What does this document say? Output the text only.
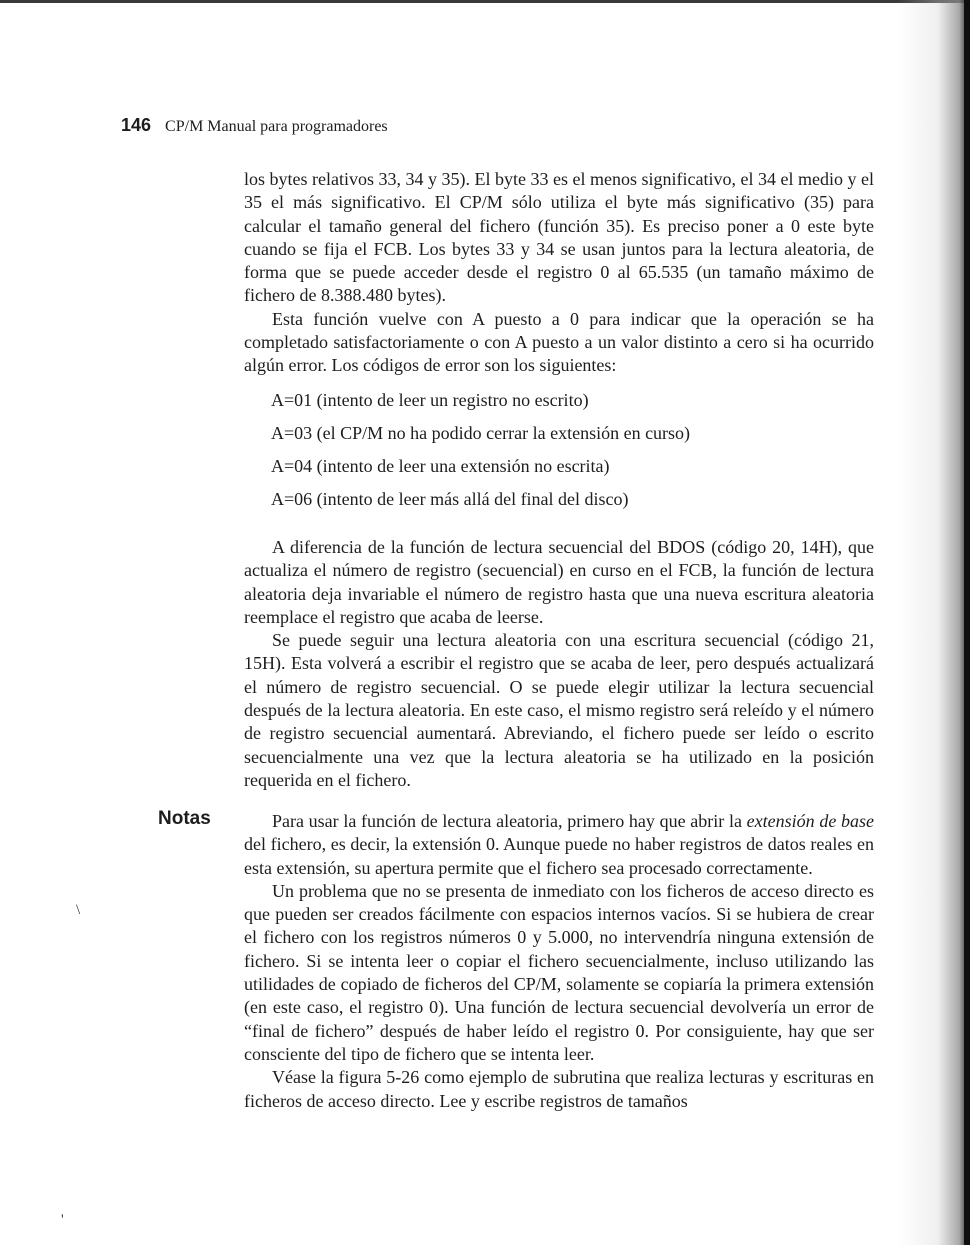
146 CP/M Manual para programadores

los bytes relativos 33, 34 y 35). El byte 33 es el menos significativo, el 34 el medio y el 35 el más significativo. El CP/M sólo utiliza el byte más significativo (35) para calcular el tamaño general del fichero (función 35). Es preciso poner a 0 este byte cuando se fija el FCB. Los bytes 33 y 34 se usan juntos para la lectura aleatoria, de forma que se puede acceder desde el registro 0 al 65.535 (un tamaño máximo de fichero de 8.388.480 bytes).

Esta función vuelve con A puesto a 0 para indicar que la operación se ha completado satisfactoriamente o con A puesto a un valor distinto a cero si ha ocurrido algún error. Los códigos de error son los siguientes:

A=01 (intento de leer un registro no escrito)
A=03 (el CP/M no ha podido cerrar la extensión en curso)
A=04 (intento de leer una extensión no escrita)
A=06 (intento de leer más allá del final del disco)

A diferencia de la función de lectura secuencial del BDOS (código 20, 14H), que actualiza el número de registro (secuencial) en curso en el FCB, la función de lectura aleatoria deja invariable el número de registro hasta que una nueva escritura aleatoria reemplace el registro que acaba de leerse.

Se puede seguir una lectura aleatoria con una escritura secuencial (código 21, 15H). Esta volverá a escribir el registro que se acaba de leer, pero después actualizará el número de registro secuencial. O se puede elegir utilizar la lectura secuencial después de la lectura aleatoria. En este caso, el mismo registro será releído y el número de registro secuencial aumentará. Abreviando, el fichero puede ser leído o escrito secuencialmente una vez que la lectura aleatoria se ha utilizado en la posición requerida en el fichero.

Notas	Para usar la función de lectura aleatoria, primero hay que abrir la extensión de base del fichero, es decir, la extensión 0. Aunque puede no haber registros de datos reales en esta extensión, su apertura permite que el fichero sea procesado correctamente.

Un problema que no se presenta de inmediato con los ficheros de acceso directo es que pueden ser creados fácilmente con espacios internos vacíos. Si se hubiera de crear el fichero con los registros números 0 y 5.000, no intervendría ninguna extensión de fichero. Si se intenta leer o copiar el fichero secuencialmente, incluso utilizando las utilidades de copiado de ficheros del CP/M, solamente se copiaría la primera extensión (en este caso, el registro 0). Una función de lectura secuencial devolvería un error de “final de fichero” después de haber leído el registro 0. Por consiguiente, hay que ser consciente del tipo de fichero que se intenta leer.

Véase la figura 5-26 como ejemplo de subrutina que realiza lecturas y escrituras en ficheros de acceso directo. Lee y escribe registros de tamaños

\
'
